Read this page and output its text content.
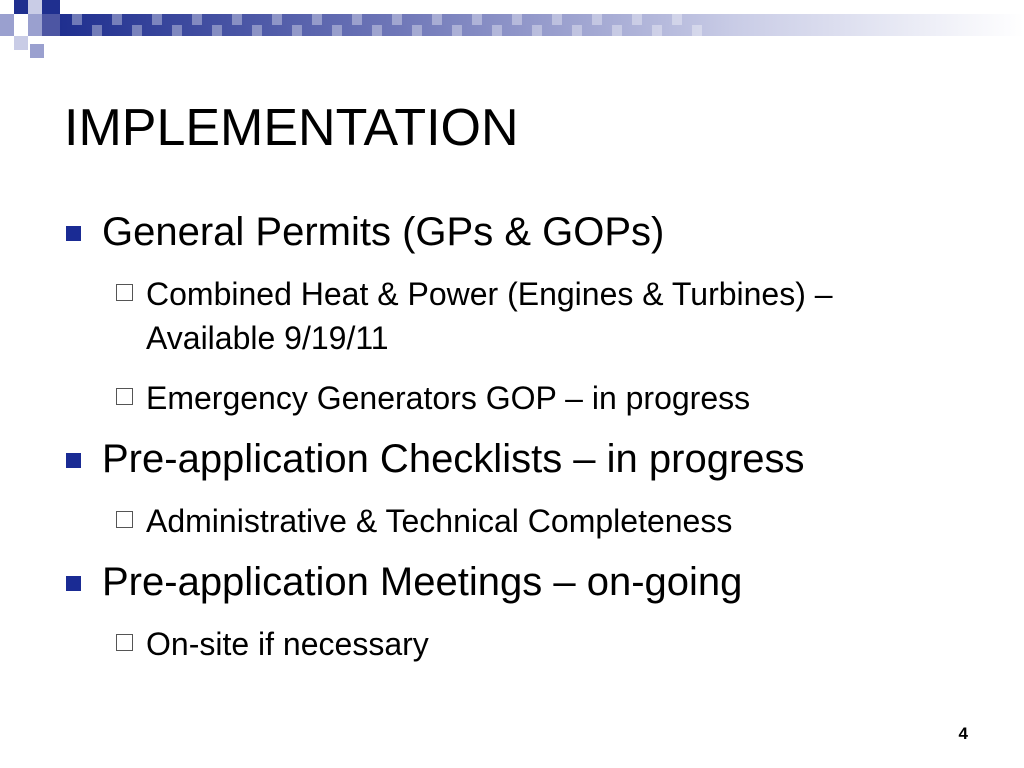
IMPLEMENTATION
General Permits (GPs & GOPs)
Combined Heat & Power (Engines & Turbines) – Available 9/19/11
Emergency Generators GOP – in progress
Pre-application Checklists – in progress
Administrative & Technical Completeness
Pre-application Meetings – on-going
On-site if necessary
4
